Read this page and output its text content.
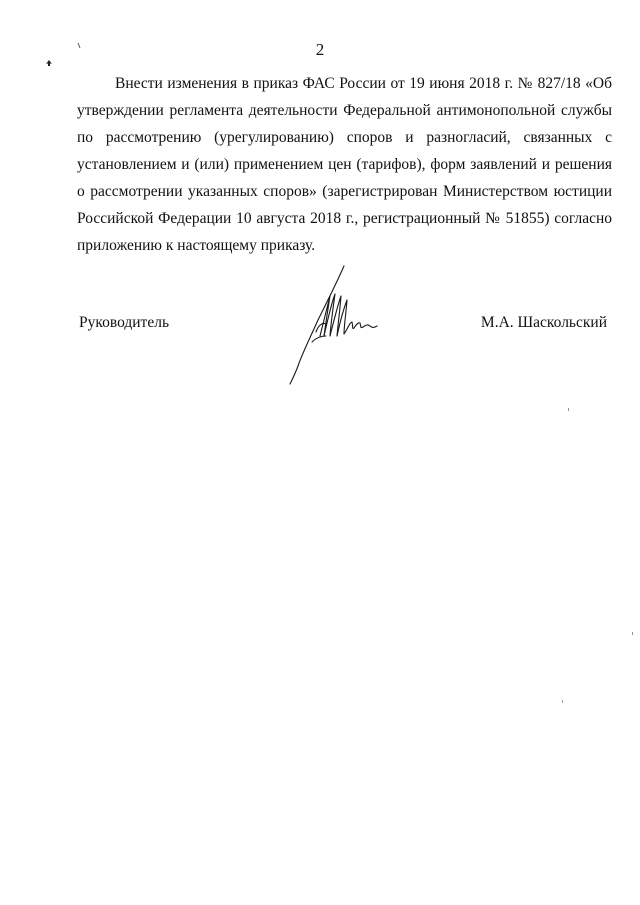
2

Внести изменения в приказ ФАС России от 19 июня 2018 г. № 827/18 «Об утверждении регламента деятельности Федеральной антимонопольной службы по рассмотрению (урегулированию) споров и разногласий, связанных с установлением и (или) применением цен (тарифов), форм заявлений и решения о рассмотрении указанных споров» (зарегистрирован Министерством юстиции Российской Федерации 10 августа 2018 г., регистрационный № 51855) согласно приложению к настоящему приказу.

Руководитель	М.А. Шаскольский
